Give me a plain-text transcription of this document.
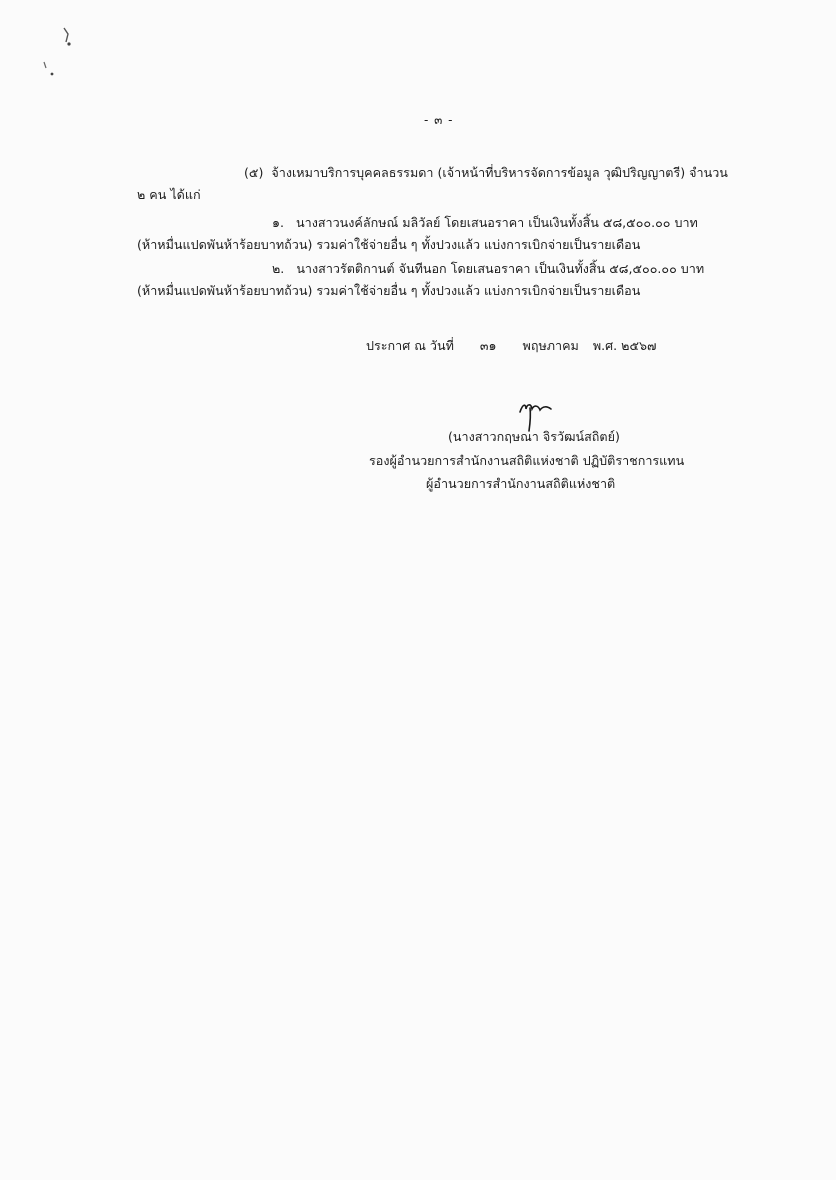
- ๓ -
(๕) จ้างเหมาบริการบุคคลธรรมดา (เจ้าหน้าที่บริหารจัดการข้อมูล วุฒิปริญญาตรี) จำนวน
๒ คน ได้แก่
๑. นางสาวนงค์ลักษณ์ มลิวัลย์ โดยเสนอราคา เป็นเงินทั้งสิ้น ๕๘,๕๐๐.๐๐ บาท
(ห้าหมื่นแปดพันห้าร้อยบาทถ้วน) รวมค่าใช้จ่ายอื่น ๆ ทั้งปวงแล้ว แบ่งการเบิกจ่ายเป็นรายเดือน
๒. นางสาวรัตติกานต์ จันทีนอก โดยเสนอราคา เป็นเงินทั้งสิ้น ๕๘,๕๐๐.๐๐ บาท
(ห้าหมื่นแปดพันห้าร้อยบาทถ้วน) รวมค่าใช้จ่ายอื่น ๆ ทั้งปวงแล้ว แบ่งการเบิกจ่ายเป็นรายเดือน
ประกาศ ณ วันที่ ๓๑ พฤษภาคม พ.ศ. ๒๕๖๗
(นางสาวกฤษณา จิรวัฒน์สถิตย์)
รองผู้อำนวยการสำนักงานสถิติแห่งชาติ ปฏิบัติราชการแทน
ผู้อำนวยการสำนักงานสถิติแห่งชาติ
